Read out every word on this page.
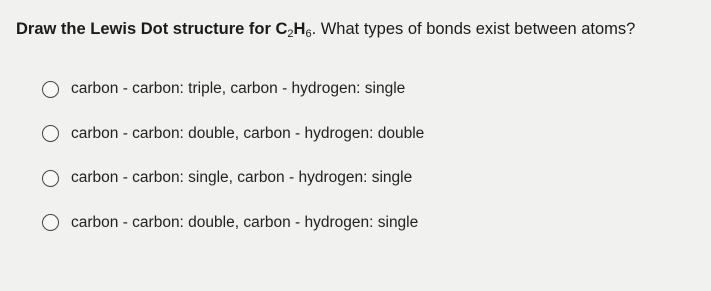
Draw the Lewis Dot structure for $C_2H_6$. What types of bonds exist between atoms?
carbon - carbon: triple, carbon - hydrogen: single
carbon - carbon: double, carbon - hydrogen: double
carbon - carbon: single, carbon - hydrogen: single
carbon - carbon: double, carbon - hydrogen: single
